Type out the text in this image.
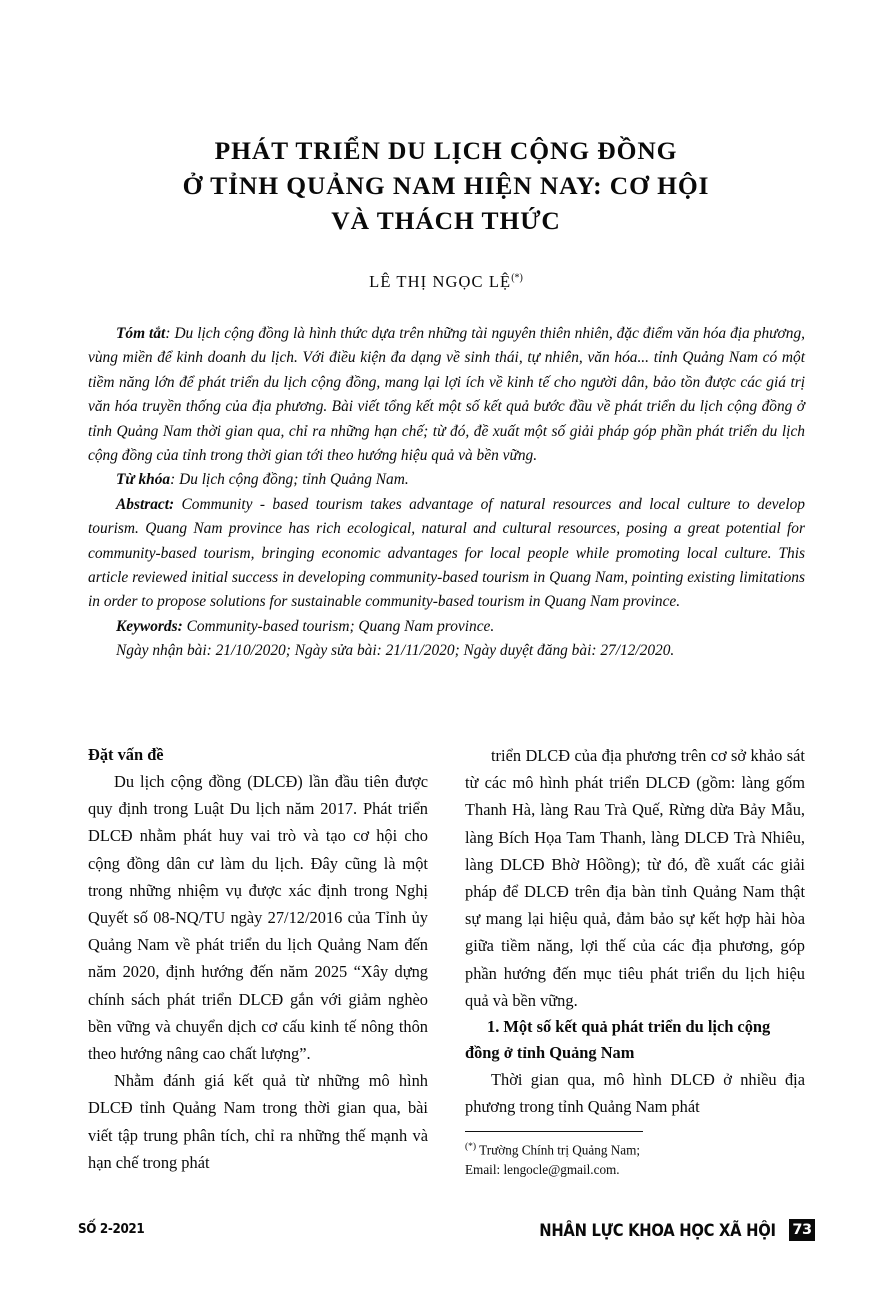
PHÁT TRIỂN DU LỊCH CỘNG ĐỒNG
Ở TỈNH QUẢNG NAM HIỆN NAY: CƠ HỘI
VÀ THÁCH THỨC
LÊ THỊ NGỌC LỆ(*)

Tóm tắt: Du lịch cộng đồng là hình thức dựa trên những tài nguyên thiên nhiên, đặc điểm văn hóa địa phương, vùng miền để kinh doanh du lịch. Với điều kiện đa dạng về sinh thái, tự nhiên, văn hóa... tỉnh Quảng Nam có một tiềm năng lớn để phát triển du lịch cộng đồng, mang lại lợi ích về kinh tế cho người dân, bảo tồn được các giá trị văn hóa truyền thống của địa phương. Bài viết tổng kết một số kết quả bước đầu về phát triển du lịch cộng đồng ở tỉnh Quảng Nam thời gian qua, chỉ ra những hạn chế; từ đó, đề xuất một số giải pháp góp phần phát triển du lịch cộng đồng của tỉnh trong thời gian tới theo hướng hiệu quả và bền vững.

Từ khóa: Du lịch cộng đồng; tỉnh Quảng Nam.

Abstract: Community - based tourism takes advantage of natural resources and local culture to develop tourism. Quang Nam province has rich ecological, natural and cultural resources, posing a great potential for community-based tourism, bringing economic advantages for local people while promoting local culture. This article reviewed initial success in developing community-based tourism in Quang Nam, pointing existing limitations in order to propose solutions for sustainable community-based tourism in Quang Nam province.

Keywords: Community-based tourism; Quang Nam province.

Ngày nhận bài: 21/10/2020; Ngày sửa bài: 21/11/2020; Ngày duyệt đăng bài: 27/12/2020.

Đặt vấn đề

Du lịch cộng đồng (DLCĐ) lần đầu tiên được quy định trong Luật Du lịch năm 2017. Phát triển DLCĐ nhằm phát huy vai trò và tạo cơ hội cho cộng đồng dân cư làm du lịch. Đây cũng là một trong những nhiệm vụ được xác định trong Nghị Quyết số 08-NQ/TU ngày 27/12/2016 của Tỉnh ủy Quảng Nam về phát triển du lịch Quảng Nam đến năm 2020, định hướng đến năm 2025 “Xây dựng chính sách phát triển DLCĐ gắn với giảm nghèo bền vững và chuyển dịch cơ cấu kinh tế nông thôn theo hướng nâng cao chất lượng”.

Nhằm đánh giá kết quả từ những mô hình DLCĐ tỉnh Quảng Nam trong thời gian qua, bài viết tập trung phân tích, chỉ ra những thế mạnh và hạn chế trong phát

triển DLCĐ của địa phương trên cơ sở khảo sát từ các mô hình phát triển DLCĐ (gồm: làng gốm Thanh Hà, làng Rau Trà Quế, Rừng dừa Bảy Mẫu, làng Bích Họa Tam Thanh, làng DLCĐ Trà Nhiêu, làng DLCĐ Bhờ Hôồng); từ đó, đề xuất các giải pháp để DLCĐ trên địa bàn tỉnh Quảng Nam thật sự mang lại hiệu quả, đảm bảo sự kết hợp hài hòa giữa tiềm năng, lợi thế của các địa phương, góp phần hướng đến mục tiêu phát triển du lịch hiệu quả và bền vững.

1. Một số kết quả phát triển du lịch cộng đồng ở tỉnh Quảng Nam

Thời gian qua, mô hình DLCĐ ở nhiều địa phương trong tỉnh Quảng Nam phát

(*) Trường Chính trị Quảng Nam;

Email: lengocle@gmail.com.

SỐ 2-2021	NHÂN LỰC KHOA HỌC XÃ HỘI 73
